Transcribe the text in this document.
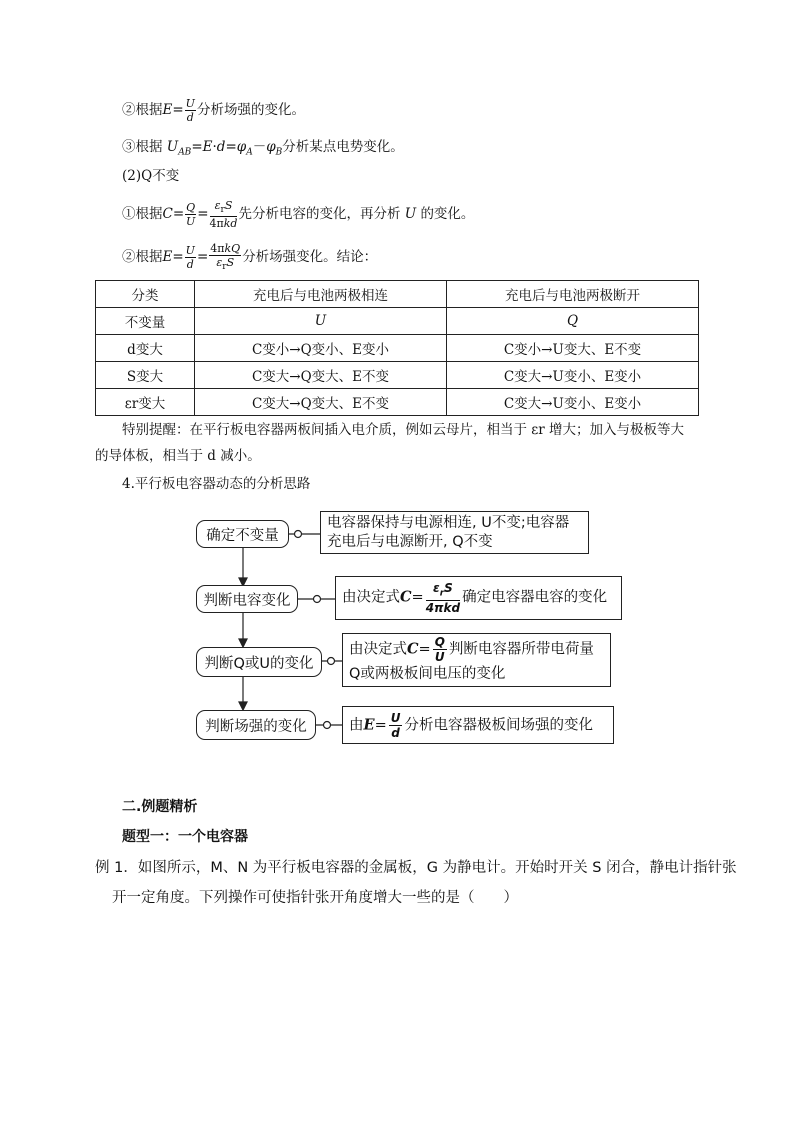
②根据$E= \frac{U}{d}$ 分析场强的变化。
③根据 $U_{AB}=E\cdot d=\varphi_A-\varphi_B$分析某点电势变化。
(2)Q不变
①根据$C= \frac{Q}{U}$ =
$\varepsilon_rS$
4πkd
先分析电容的变化，再分析 U 的变化。
②根据$E= \frac{U}{d}$ =
4πkQ
$\varepsilon_rS$ 分析场强变化。结论：
分类	充电后与电池两极相连	充电后与电池两极断开
不变量	U	Q
d变大	C变小→Q变小、E变小	C变小→U变大、E不变
S变大	C变大→Q变大、E不变	C变大→U变小、E变小
εr变大	C变大→Q变大、E不变	C变大→U变小、E变小
特别提醒：在平行板电容器两板间插入电介质，例如云母片，相当于 εr 增大；加入与极板等大
的导体板，相当于 d 减小。
4.平行板电容器动态的分析思路
确定不变量
判断电容变化
判断Q或U的变化
判断场强的变化
电容器保持与电源相连, U不变;电容器
充电后与电源断开, Q不变
由决定式C=
$\varepsilon_rS$
4πkd
确定电容器电容的变化
由决定式$C= \frac{Q}{U}$ 判断电容器所带电荷量
Q或两极板间电压的变化
由$E= \frac{U}{d}$ 分析电容器极板间场强的变化
二.例题精析
题型一：一个电容器
例 1．如图所示，M、N 为平行板电容器的金属板，G 为静电计。开始时开关 S 闭合，静电计指针张
开一定角度。下列操作可使指针张开角度增大一些的是（　　）
